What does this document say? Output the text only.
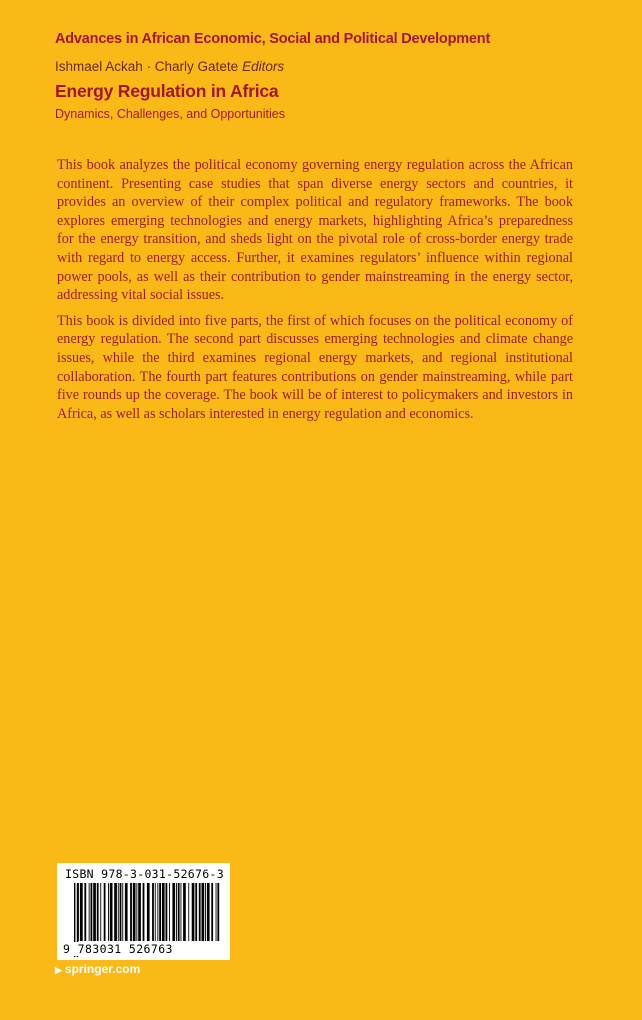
Advances in African Economic, Social and Political Development
Ishmael Ackah · Charly Gatete Editors
Energy Regulation in Africa
Dynamics, Challenges, and Opportunities

This book analyzes the political economy governing energy regulation across the African continent. Presenting case studies that span diverse energy sectors and countries, it provides an overview of their complex political and regulatory frameworks. The book explores emerging technologies and energy markets, highlighting Africa’s preparedness for the energy transition, and sheds light on the pivotal role of cross-border energy trade with regard to energy access. Further, it examines regulators’ influence within regional power pools, as well as their contribution to gender mainstreaming in the energy sector, addressing vital social issues.

This book is divided into five parts, the first of which focuses on the political economy of energy regulation. The second part discusses emerging technologies and climate change issues, while the third examines regional energy markets, and regional institutional collaboration. The fourth part features contributions on gender mainstreaming, while part five rounds up the coverage. The book will be of interest to policymakers and investors in Africa, as well as scholars interested in energy regulation and economics.

ISBN 978-3-031-52676-3
9 783031 526763
▶ springer.com
